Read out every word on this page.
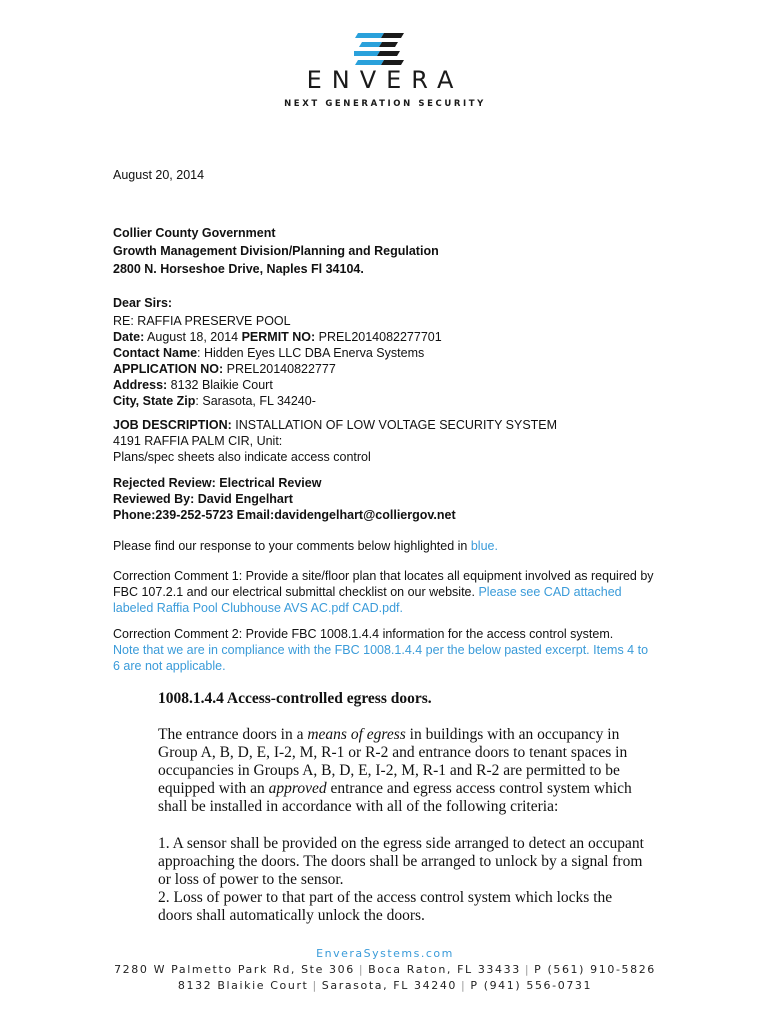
ENVERA
NEXT GENERATION SECURITY
August 20, 2014
Collier County Government
Growth Management Division/Planning and Regulation
2800 N. Horseshoe Drive, Naples Fl 34104.
Dear Sirs:
RE: RAFFIA PRESERVE POOL
Date: August 18, 2014 PERMIT NO: PREL2014082277701
Contact Name: Hidden Eyes LLC DBA Enerva Systems
APPLICATION NO: PREL20140822777
Address: 8132 Blaikie Court
City, State Zip: Sarasota, FL 34240-
JOB DESCRIPTION: INSTALLATION OF LOW VOLTAGE SECURITY SYSTEM
4191 RAFFIA PALM CIR, Unit:
Plans/spec sheets also indicate access control
Rejected Review: Electrical Review
Reviewed By: David Engelhart
Phone:239-252-5723 Email:davidengelhart@colliergov.net
Please find our response to your comments below highlighted in blue.
Correction Comment 1: Provide a site/floor plan that locates all equipment involved as required by FBC 107.2.1 and our electrical submittal checklist on our website. Please see CAD attached labeled Raffia Pool Clubhouse AVS AC.pdf CAD.pdf.
Correction Comment 2: Provide FBC 1008.1.4.4 information for the access control system.
Note that we are in compliance with the FBC 1008.1.4.4 per the below pasted excerpt. Items 4 to 6 are not applicable.
1008.1.4.4 Access-controlled egress doors.
The entrance doors in a means of egress in buildings with an occupancy in Group A, B, D, E, I-2, M, R-1 or R-2 and entrance doors to tenant spaces in occupancies in Groups A, B, D, E, I-2, M, R-1 and R-2 are permitted to be equipped with an approved entrance and egress access control system which shall be installed in accordance with all of the following criteria:
1. A sensor shall be provided on the egress side arranged to detect an occupant approaching the doors. The doors shall be arranged to unlock by a signal from or loss of power to the sensor.
2. Loss of power to that part of the access control system which locks the doors shall automatically unlock the doors.
EnveraSystems.com
7280 W Palmetto Park Rd, Ste 306 | Boca Raton, FL 33433 | P (561) 910-5826
8132 Blaikie Court | Sarasota, FL 34240 | P (941) 556-0731
